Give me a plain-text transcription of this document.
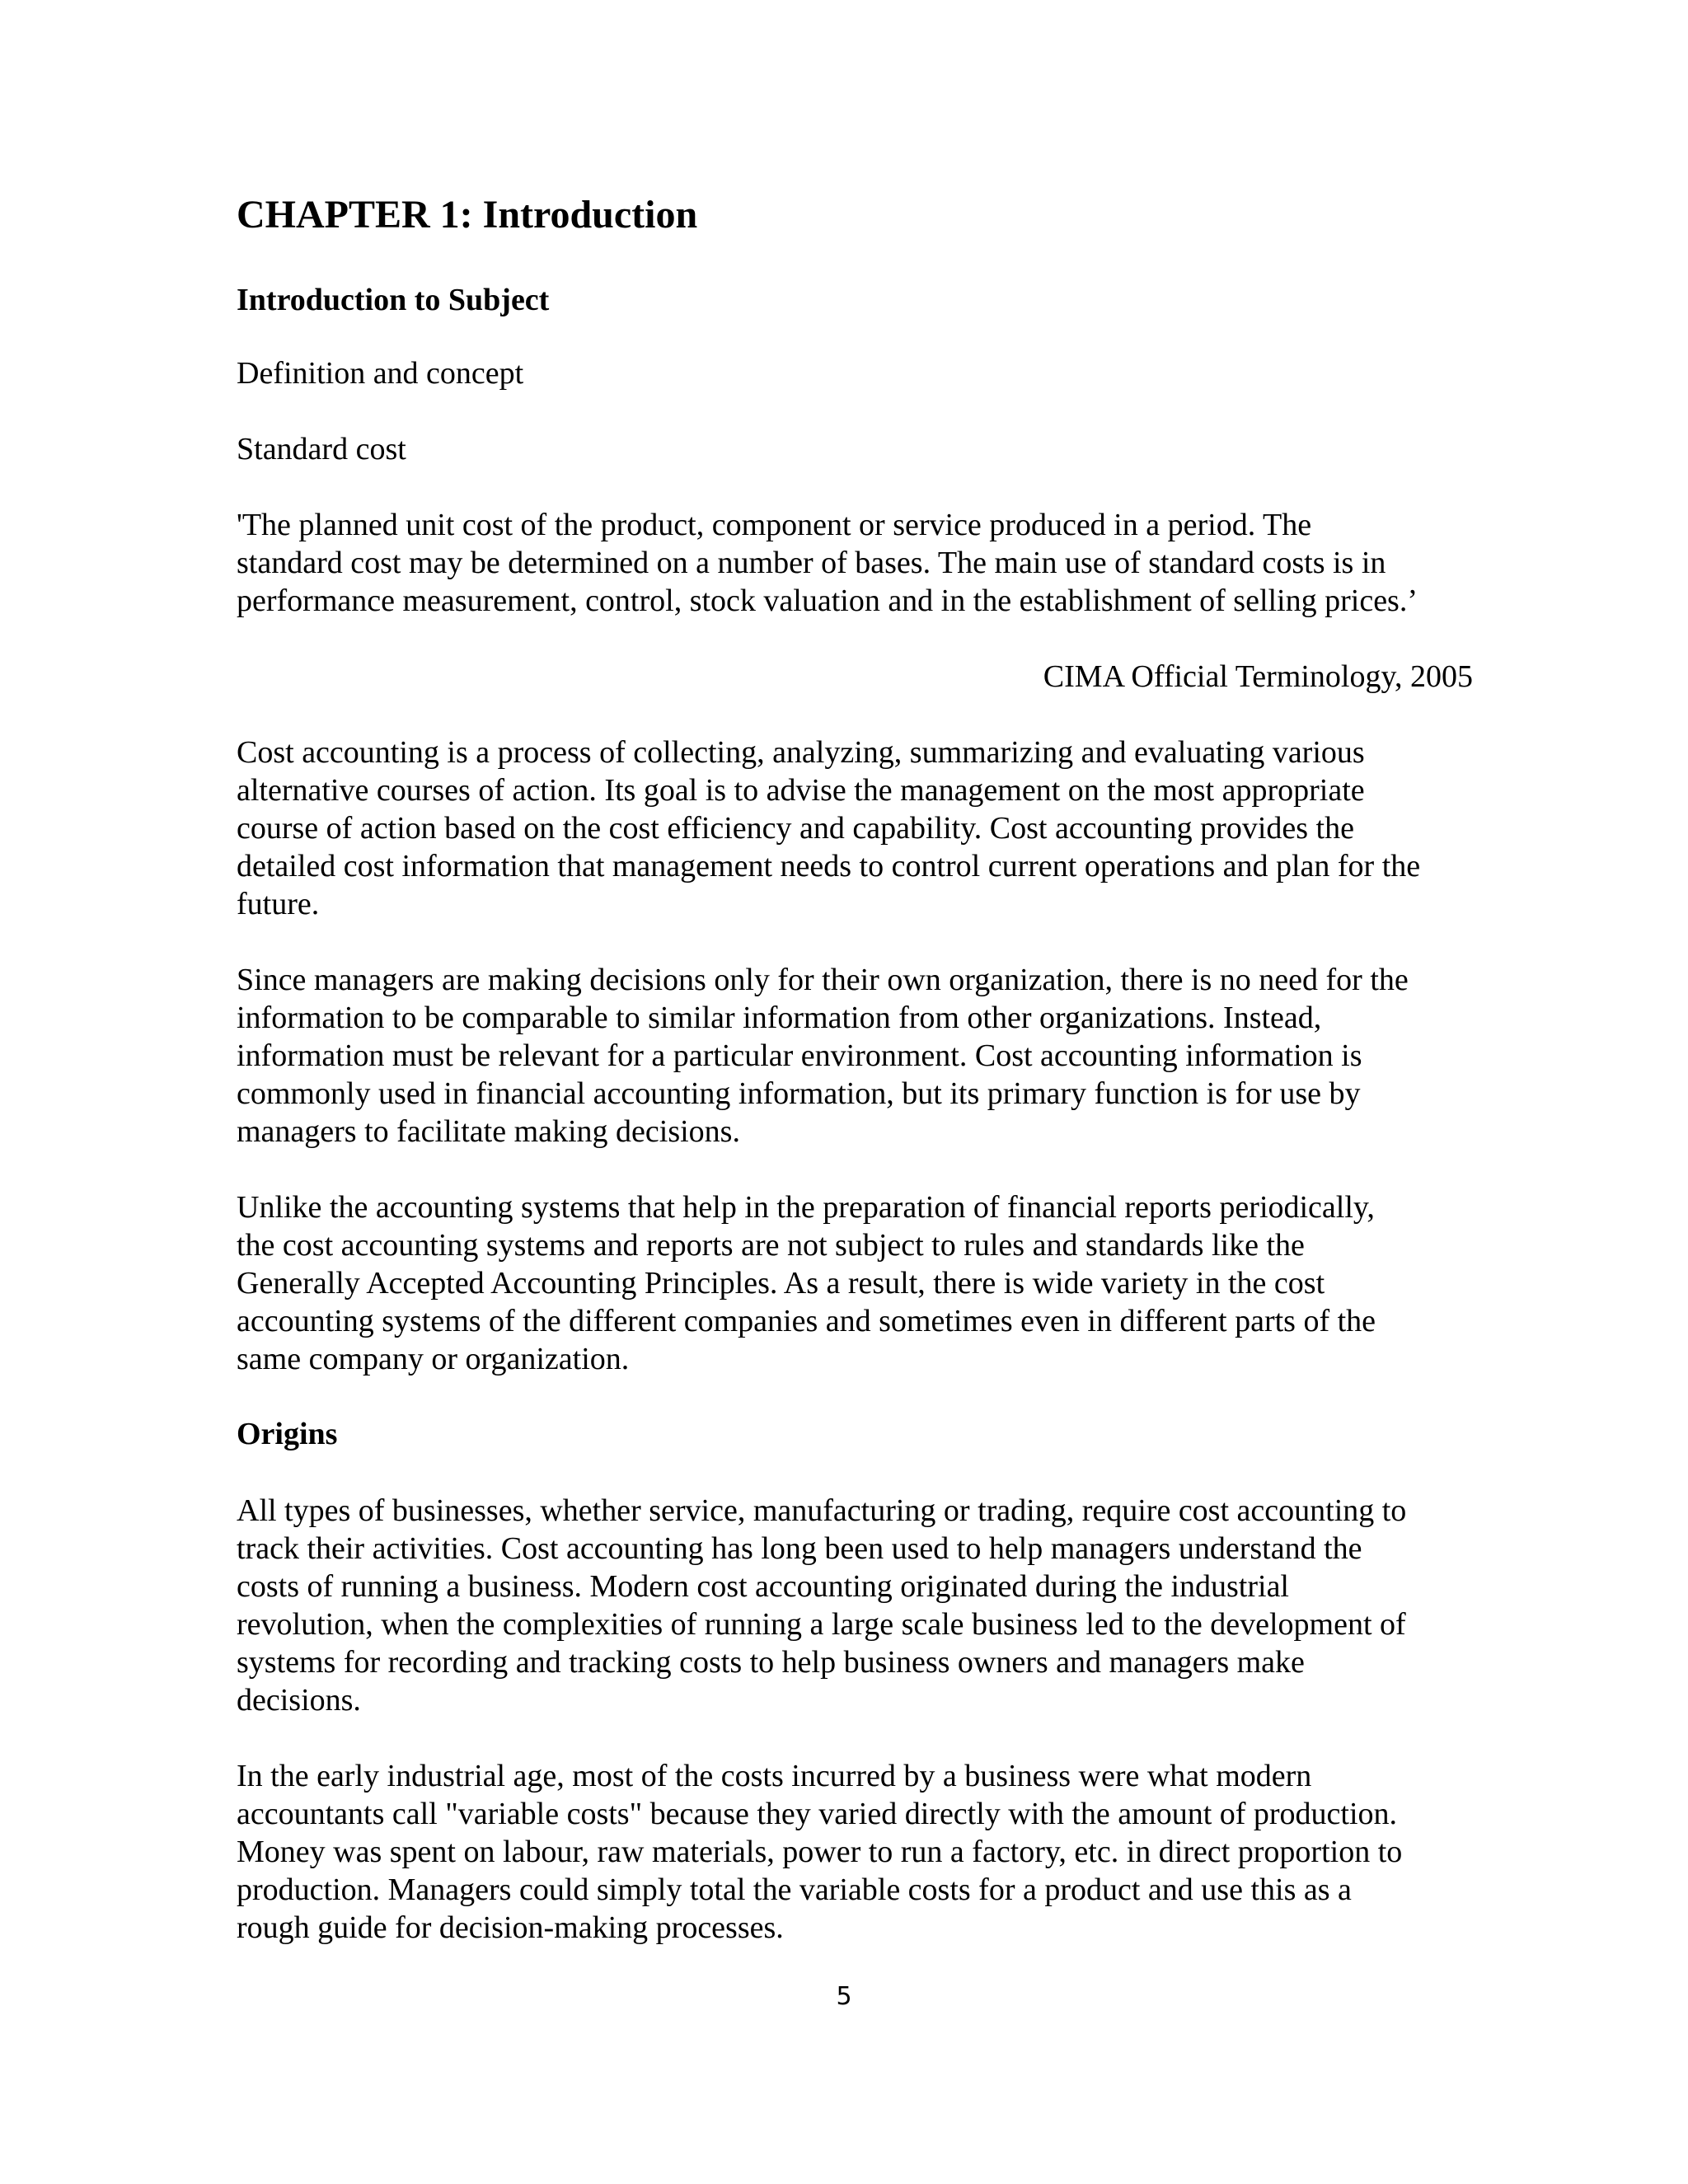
CHAPTER 1: Introduction
Introduction to Subject

Definition and concept

Standard cost

'The planned unit cost of the product, component or service produced in a period. The
standard cost may be determined on a number of bases. The main use of standard costs is in
performance measurement, control, stock valuation and in the establishment of selling prices.’

CIMA Official Terminology, 2005

Cost accounting is a process of collecting, analyzing, summarizing and evaluating various
alternative courses of action. Its goal is to advise the management on the most appropriate
course of action based on the cost efficiency and capability. Cost accounting provides the
detailed cost information that management needs to control current operations and plan for the
future.

Since managers are making decisions only for their own organization, there is no need for the
information to be comparable to similar information from other organizations. Instead,
information must be relevant for a particular environment. Cost accounting information is
commonly used in financial accounting information, but its primary function is for use by
managers to facilitate making decisions.

Unlike the accounting systems that help in the preparation of financial reports periodically,
the cost accounting systems and reports are not subject to rules and standards like the
Generally Accepted Accounting Principles. As a result, there is wide variety in the cost
accounting systems of the different companies and sometimes even in different parts of the
same company or organization.

Origins

All types of businesses, whether service, manufacturing or trading, require cost accounting to
track their activities. Cost accounting has long been used to help managers understand the
costs of running a business. Modern cost accounting originated during the industrial
revolution, when the complexities of running a large scale business led to the development of
systems for recording and tracking costs to help business owners and managers make
decisions.

In the early industrial age, most of the costs incurred by a business were what modern
accountants call "variable costs" because they varied directly with the amount of production.
Money was spent on labour, raw materials, power to run a factory, etc. in direct proportion to
production. Managers could simply total the variable costs for a product and use this as a
rough guide for decision-making processes.

5
